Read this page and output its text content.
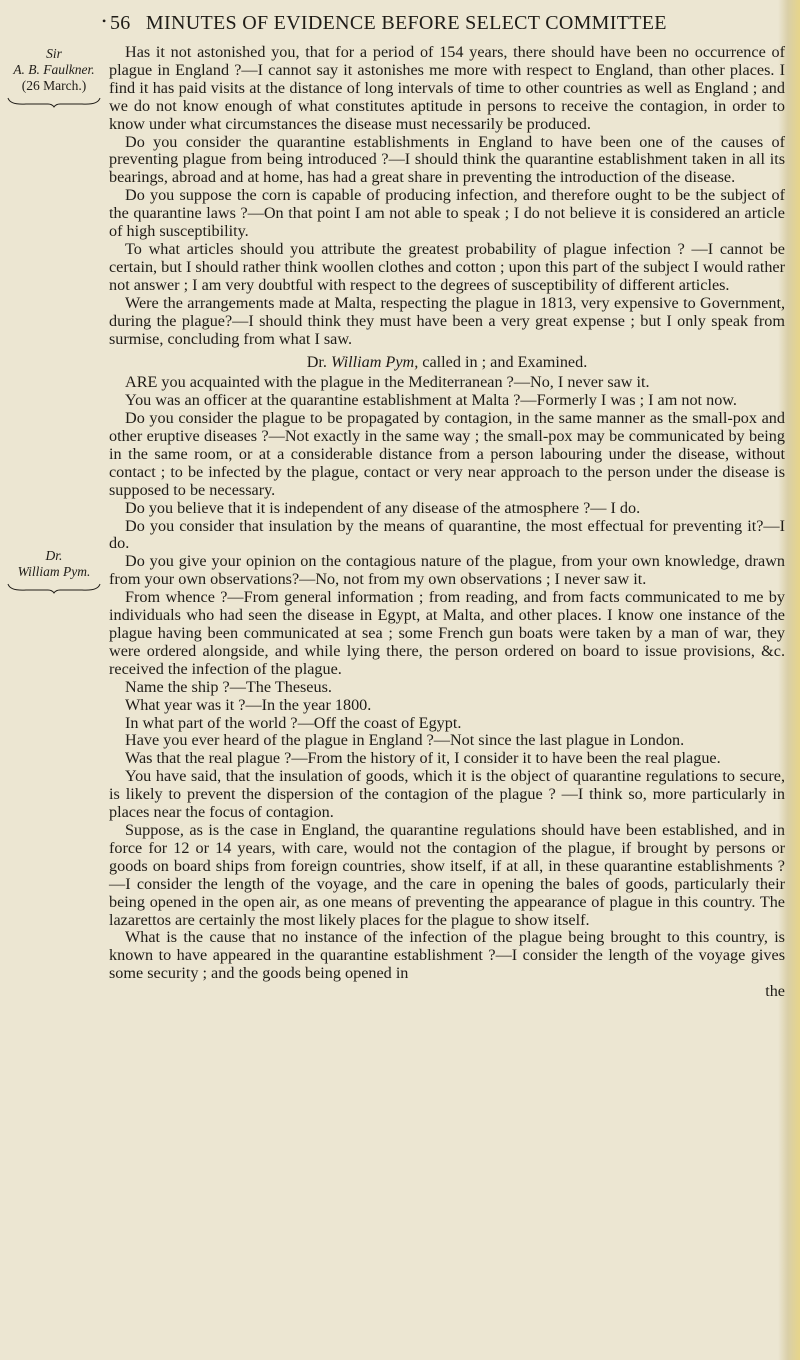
• 56 MINUTES OF EVIDENCE BEFORE SELECT COMMITTEE
Sir
A. B. Faulkner.
(26 March.)
Dr.
William Pym.

Has it not astonished you, that for a period of 154 years, there should have been no occurrence of plague in England ?—I cannot say it astonishes me more with respect to England, than other places. I find it has paid visits at the distance of long intervals of time to other countries as well as England ; and we do not know enough of what constitutes aptitude in persons to receive the contagion, in order to know under what circumstances the disease must necessarily be produced.

Do you consider the quarantine establishments in England to have been one of the causes of preventing plague from being introduced ?—I should think the quarantine establishment taken in all its bearings, abroad and at home, has had a great share in preventing the introduction of the disease.

Do you suppose the corn is capable of producing infection, and therefore ought to be the subject of the quarantine laws ?—On that point I am not able to speak ; I do not believe it is considered an article of high susceptibility.

To what articles should you attribute the greatest probability of plague infection ? —I cannot be certain, but I should rather think woollen clothes and cotton ; upon this part of the subject I would rather not answer ; I am very doubtful with respect to the degrees of susceptibility of different articles.

Were the arrangements made at Malta, respecting the plague in 1813, very expensive to Government, during the plague?—I should think they must have been a very great expense ; but I only speak from surmise, concluding from what I saw.

Dr. William Pym, called in ; and Examined.

ARE you acquainted with the plague in the Mediterranean ?—No, I never saw it.

You was an officer at the quarantine establishment at Malta ?—Formerly I was ; I am not now.

Do you consider the plague to be propagated by contagion, in the same manner as the small-pox and other eruptive diseases ?—Not exactly in the same way ; the small-pox may be communicated by being in the same room, or at a considerable distance from a person labouring under the disease, without contact ; to be infected by the plague, contact or very near approach to the person under the disease is supposed to be necessary.

Do you believe that it is independent of any disease of the atmosphere ?— I do.

Do you consider that insulation by the means of quarantine, the most effectual for preventing it?—I do.

Do you give your opinion on the contagious nature of the plague, from your own knowledge, drawn from your own observations?—No, not from my own observations ; I never saw it.

From whence ?—From general information ; from reading, and from facts communicated to me by individuals who had seen the disease in Egypt, at Malta, and other places. I know one instance of the plague having been communicated at sea ; some French gun boats were taken by a man of war, they were ordered alongside, and while lying there, the person ordered on board to issue provisions, &c. received the infection of the plague.

Name the ship ?—The Theseus.

What year was it ?—In the year 1800.

In what part of the world ?—Off the coast of Egypt.

Have you ever heard of the plague in England ?—Not since the last plague in London.

Was that the real plague ?—From the history of it, I consider it to have been the real plague.

You have said, that the insulation of goods, which it is the object of quarantine regulations to secure, is likely to prevent the dispersion of the contagion of the plague ? —I think so, more particularly in places near the focus of contagion.

Suppose, as is the case in England, the quarantine regulations should have been established, and in force for 12 or 14 years, with care, would not the contagion of the plague, if brought by persons or goods on board ships from foreign countries, show itself, if at all, in these quarantine establishments ?—I consider the length of the voyage, and the care in opening the bales of goods, particularly their being opened in the open air, as one means of preventing the appearance of plague in this country. The lazarettos are certainly the most likely places for the plague to show itself.

What is the cause that no instance of the infection of the plague being brought to this country, is known to have appeared in the quarantine establishment ?—I consider the length of the voyage gives some security ; and the goods being opened in

the
